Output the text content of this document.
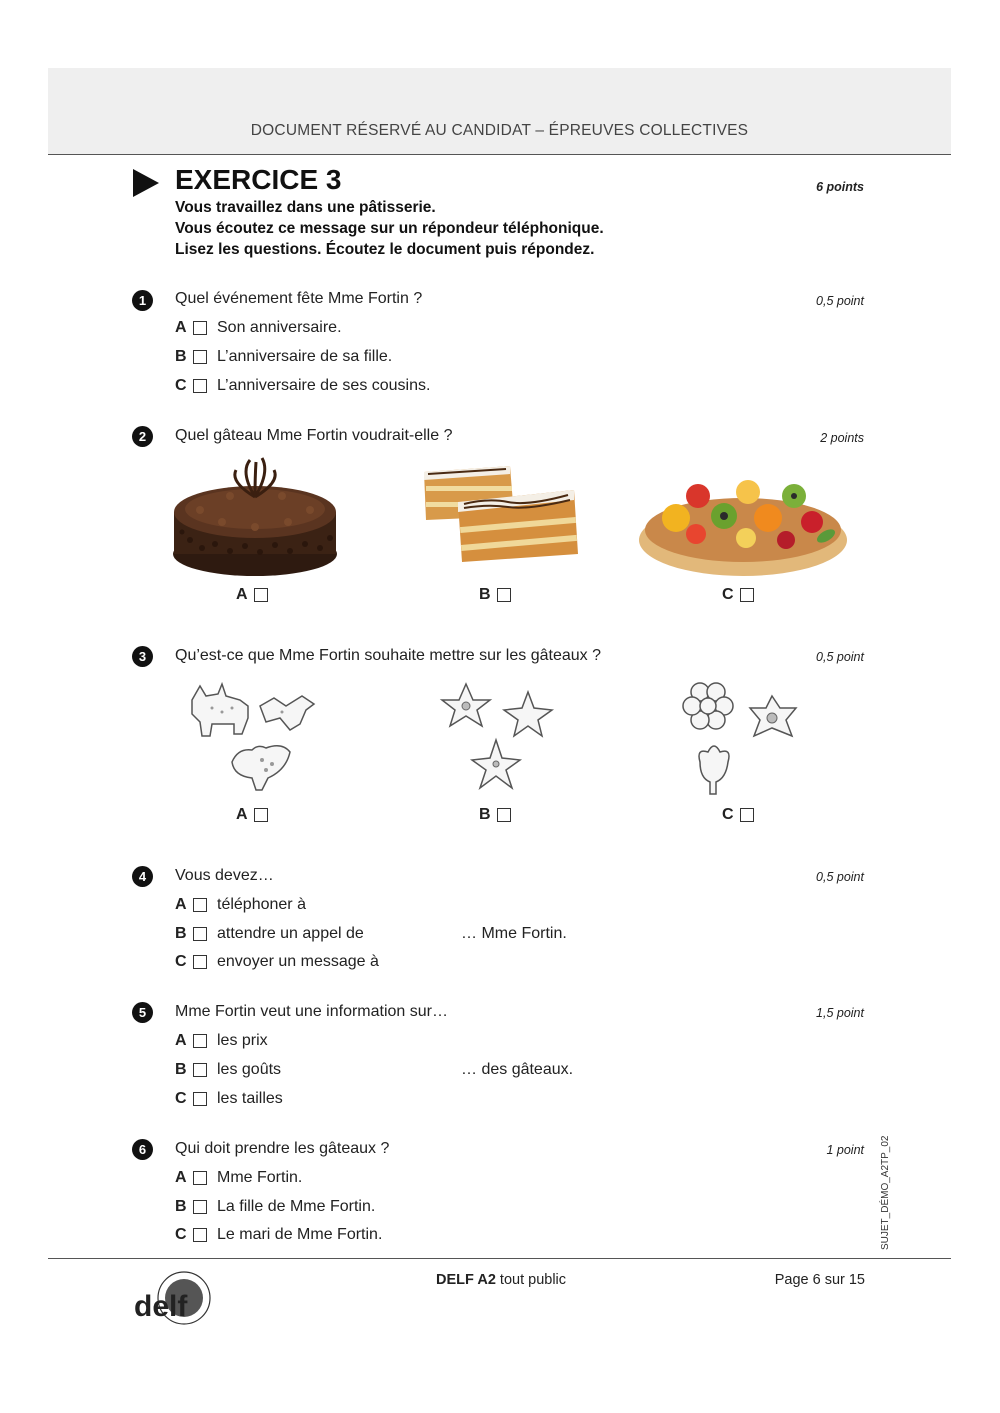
DOCUMENT RÉSERVÉ AU CANDIDAT – ÉPREUVES COLLECTIVES
EXERCICE 3	6 points
Vous travaillez dans une pâtisserie.
Vous écoutez ce message sur un répondeur téléphonique.
Lisez les questions. Écoutez le document puis répondez.
1	Quel événement fête Mme Fortin ?	0,5 point
A	Son anniversaire.
B	L’anniversaire de sa fille.
C	L’anniversaire de ses cousins.
2	Quel gâteau Mme Fortin voudrait-elle ?	2 points
A	B	C
3	Qu’est-ce que Mme Fortin souhaite mettre sur les gâteaux ?	0,5 point
A	B	C
4	Vous devez…	0,5 point
A	téléphoner à
B	attendre un appel de
C	envoyer un message à
… Mme Fortin.
5	Mme Fortin veut une information sur…	1,5 point
A	les prix
B	les goûts
C	les tailles
… des gâteaux.
6	Qui doit prendre les gâteaux ?	1 point
A	Mme Fortin.
B	La fille de Mme Fortin.
C	Le mari de Mme Fortin.	SUJET_DÉMO_A2TP_02
delf
DELF A2 tout public	Page 6 sur 15
